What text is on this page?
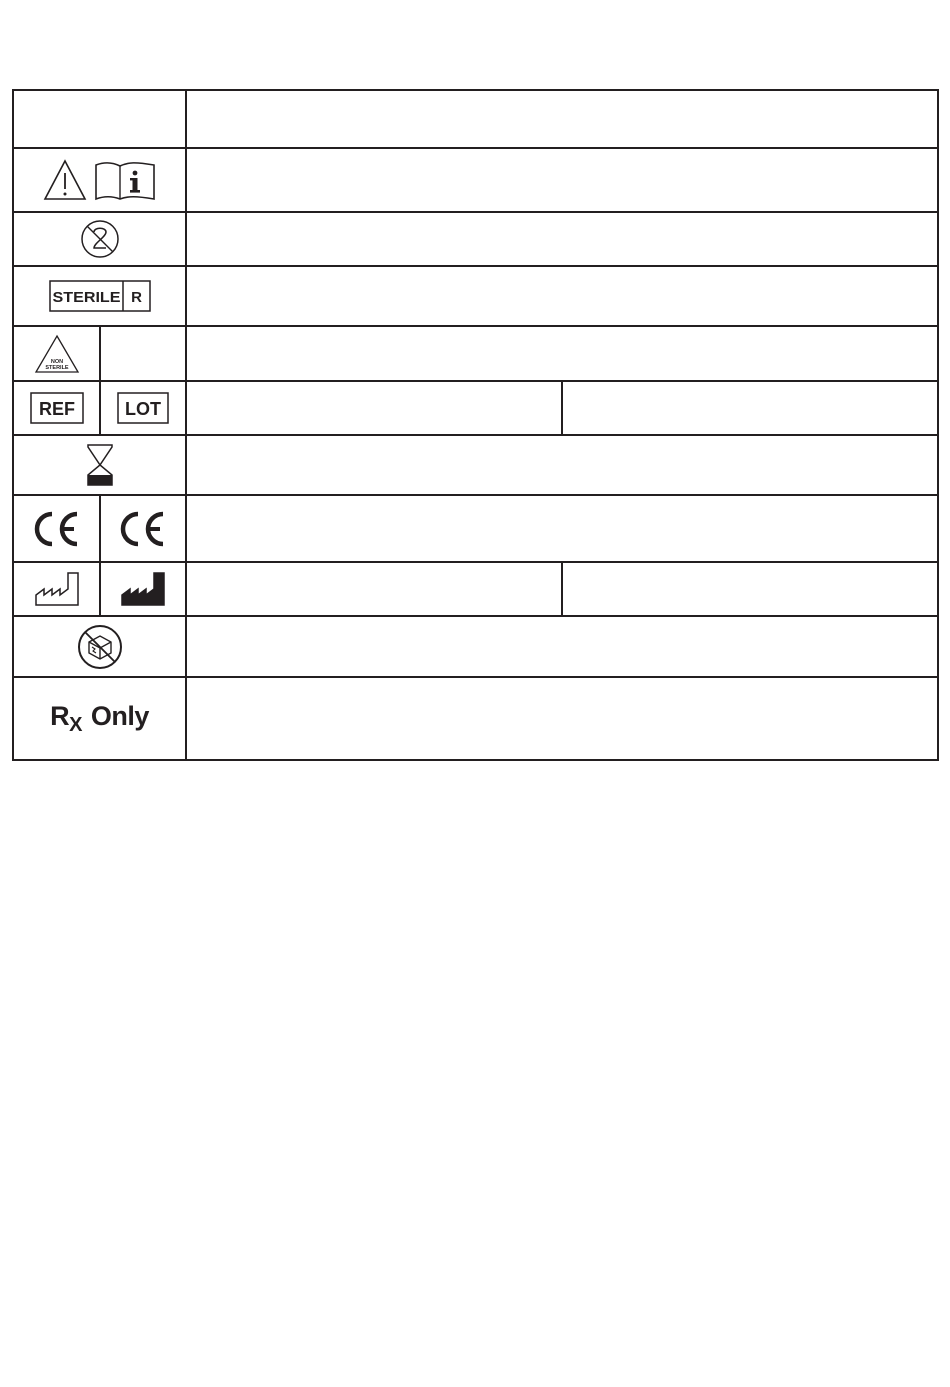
STERILE R			

NON
STERILE			

REF	LOT		

$R_X$ Only			
